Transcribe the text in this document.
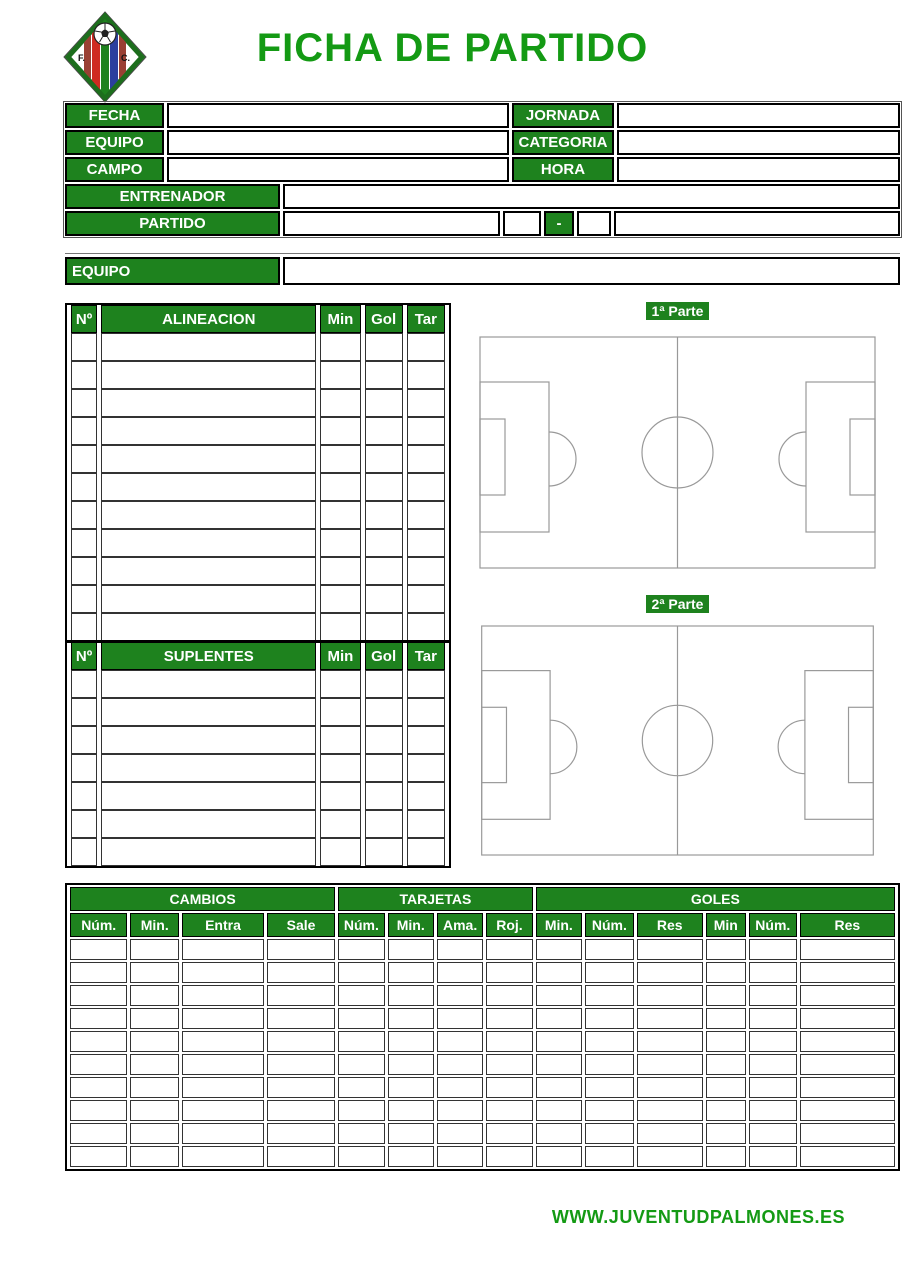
F.	C.	FICHA DE PARTIDO
FECHA	JORNADA
EQUIPO	CATEGORIA
CAMPO	HORA
ENTRENADOR
PARTIDO	-
EQUIPO
Nº	ALINEACION	Min	Gol	Tar

Nº	SUPLENTES	Min	Gol	Tar

1ª Parte
2ª Parte
CAMBIOS				TARJETAS				GOLES					
Núm.	Min.	Entra	Sale	Núm.	Min.	Ama.	Roj.	Min.	Núm.	Res	Min	Núm.	Res

WWW.JUVENTUDPALMONES.ES
